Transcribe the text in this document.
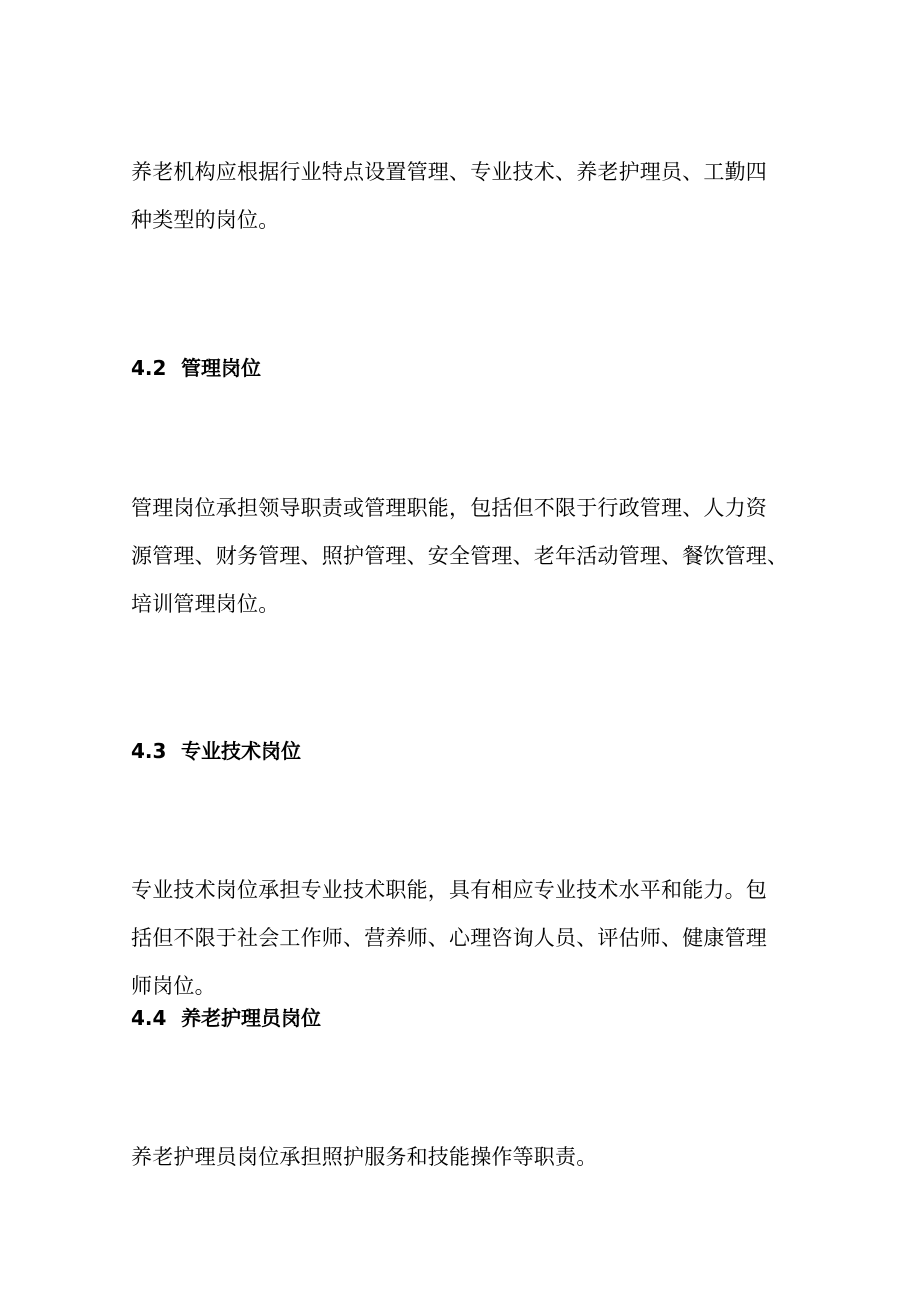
养老机构应根据行业特点设置管理、专业技术、养老护理员、工勤四
种类型的岗位。
4.2 管理岗位
管理岗位承担领导职责或管理职能，包括但不限于行政管理、人力资
源管理、财务管理、照护管理、安全管理、老年活动管理、餐饮管理、
培训管理岗位。
4.3 专业技术岗位
专业技术岗位承担专业技术职能，具有相应专业技术水平和能力。包
括但不限于社会工作师、营养师、心理咨询人员、评估师、健康管理
师岗位。
4.4 养老护理员岗位
养老护理员岗位承担照护服务和技能操作等职责。
